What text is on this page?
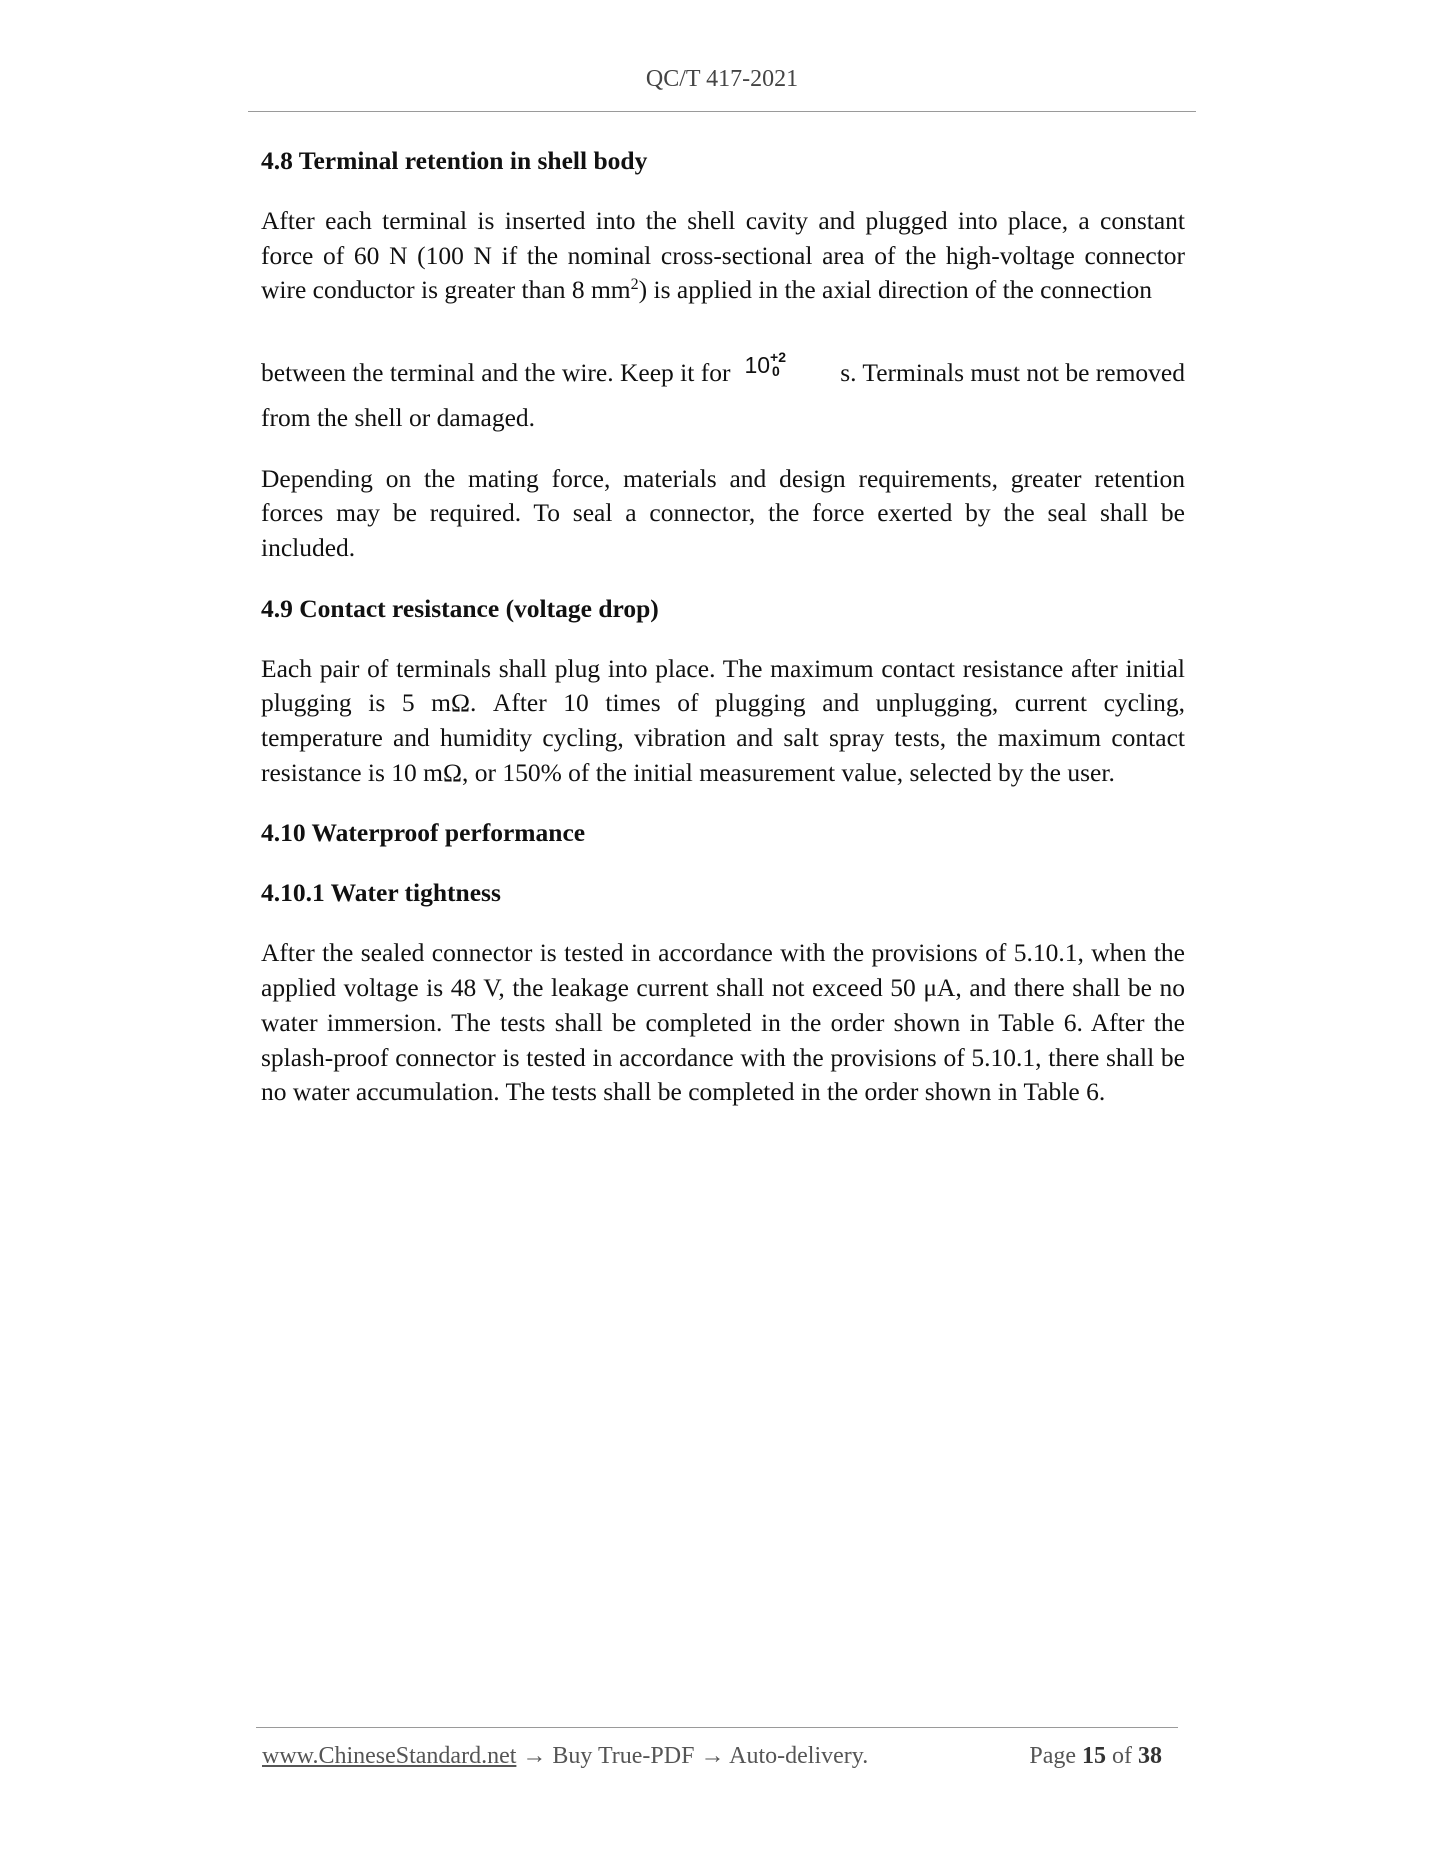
QC/T 417-2021
4.8 Terminal retention in shell body

After each terminal is inserted into the shell cavity and plugged into place, a constant force of 60 N (100 N if the nominal cross-sectional area of the high-voltage connector wire conductor is greater than 8 $mm^2$) is applied in the axial direction of the connection

between the terminal and the wire. Keep it for 10 +2
0	s. Terminals must not be removed

from the shell or damaged.

Depending on the mating force, materials and design requirements, greater retention forces may be required. To seal a connector, the force exerted by the seal shall be included.

4.9 Contact resistance (voltage drop)

Each pair of terminals shall plug into place. The maximum contact resistance after initial plugging is 5 mΩ. After 10 times of plugging and unplugging, current cycling, temperature and humidity cycling, vibration and salt spray tests, the maximum contact resistance is 10 mΩ, or 150% of the initial measurement value, selected by the user.

4.10 Waterproof performance
4.10.1 Water tightness

After the sealed connector is tested in accordance with the provisions of 5.10.1, when the applied voltage is 48 V, the leakage current shall not exceed 50 μA, and there shall be no water immersion. The tests shall be completed in the order shown in Table 6. After the splash-proof connector is tested in accordance with the provisions of 5.10.1, there shall be no water accumulation. The tests shall be completed in the order shown in Table 6.

www.ChineseStandard.net → Buy True-PDF → Auto-delivery.	Page 15 of 38
